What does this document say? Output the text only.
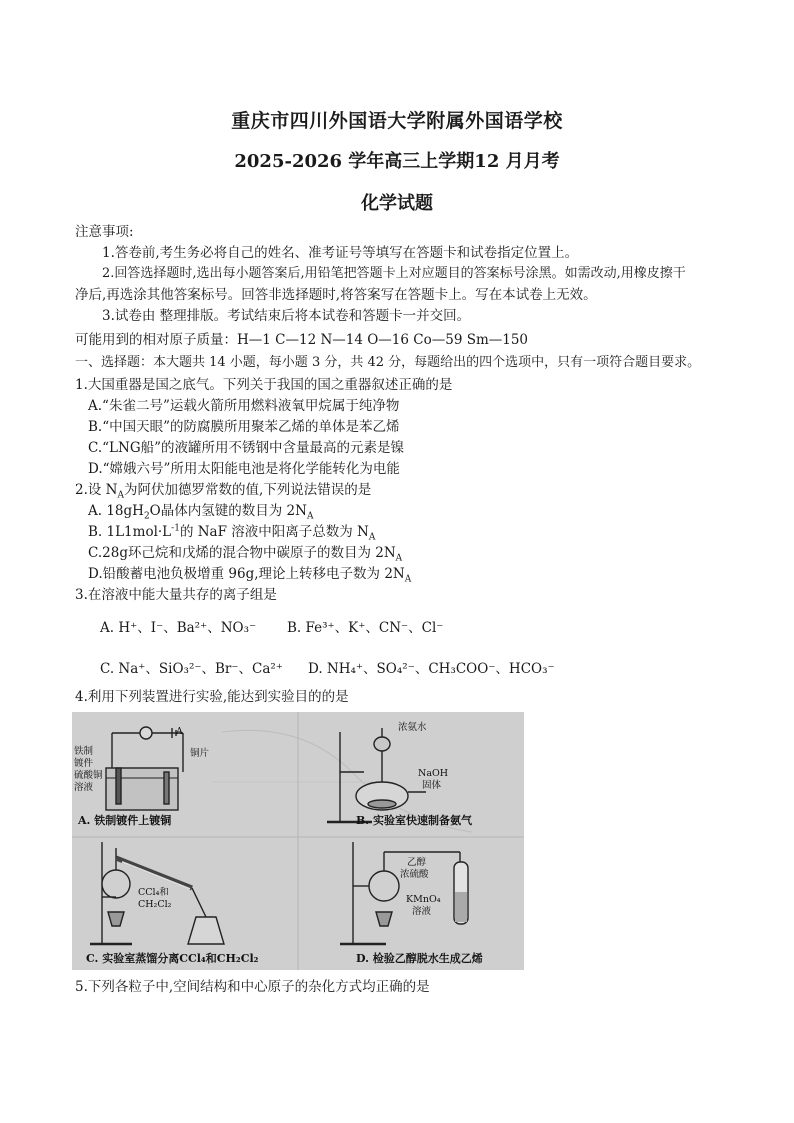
重庆市四川外国语大学附属外国语学校
2025-2026 学年高三上学期12 月月考
化学试题
注意事项:
1.答卷前,考生务必将自己的姓名、准考证号等填写在答题卡和试卷指定位置上。
2.回答选择题时,选出每小题答案后,用铅笔把答题卡上对应题目的答案标号涂黑。如需改动,用橡皮擦干
净后,再选涂其他答案标号。回答非选择题时,将答案写在答题卡上。写在本试卷上无效。
3.试卷由 整理排版。考试结束后将本试卷和答题卡一并交回。
可能用到的相对原子质量：H—1 C—12 N—14 O—16 Co—59 Sm—150
一、选择题：本大题共 14 小题，每小题 3 分，共 42 分，每题给出的四个选项中，只有一项符合题目要求。
1.大国重器是国之底气。下列关于我国的国之重器叙述正确的是
A.“朱雀二号”运载火箭所用燃料液氧甲烷属于纯净物
B.“中国天眼”的防腐膜所用聚苯乙烯的单体是苯乙烯
C.“LNG船”的液罐所用不锈钢中含量最高的元素是镍
D.“嫦娥六号”所用太阳能电池是将化学能转化为电能
2.设 $N_A$为阿伏加德罗常数的值,下列说法错误的是
A. $18gH_2O$晶体内氢键的数目为 $2N_A$
B. $1L1mol\cdot L^{-1}$的 NaF 溶液中阳离子总数为 $N_A$
C.28g环己烷和戊烯的混合物中碳原子的数目为 $2N_A$
D.铅酸蓄电池负极增重 96g,理论上转移电子数为 $2N_A$
3.在溶液中能大量共存的离子组是
A. H⁺、I⁻、Ba²⁺、NO₃⁻ B. Fe³⁺、K⁺、CN⁻、Cl⁻
C. Na⁺、SiO₃²⁻、Br⁻、Ca²⁺ D. NH₄⁺、SO₄²⁻、CH₃COO⁻、HCO₃⁻
4.利用下列装置进行实验,能达到实验目的的是
A
铁制
镀件
硫酸铜
溶液
铜片
A. 铁制镀件上镀铜
浓氨水
NaOH
固体
B. 实验室快速制备氨气
CCl₄和
CH₂Cl₂
C. 实验室蒸馏分离CCl₄和CH₂Cl₂
乙醇
浓硫酸
KMnO₄
溶液
D. 检验乙醇脱水生成乙烯
5.下列各粒子中,空间结构和中心原子的杂化方式均正确的是
